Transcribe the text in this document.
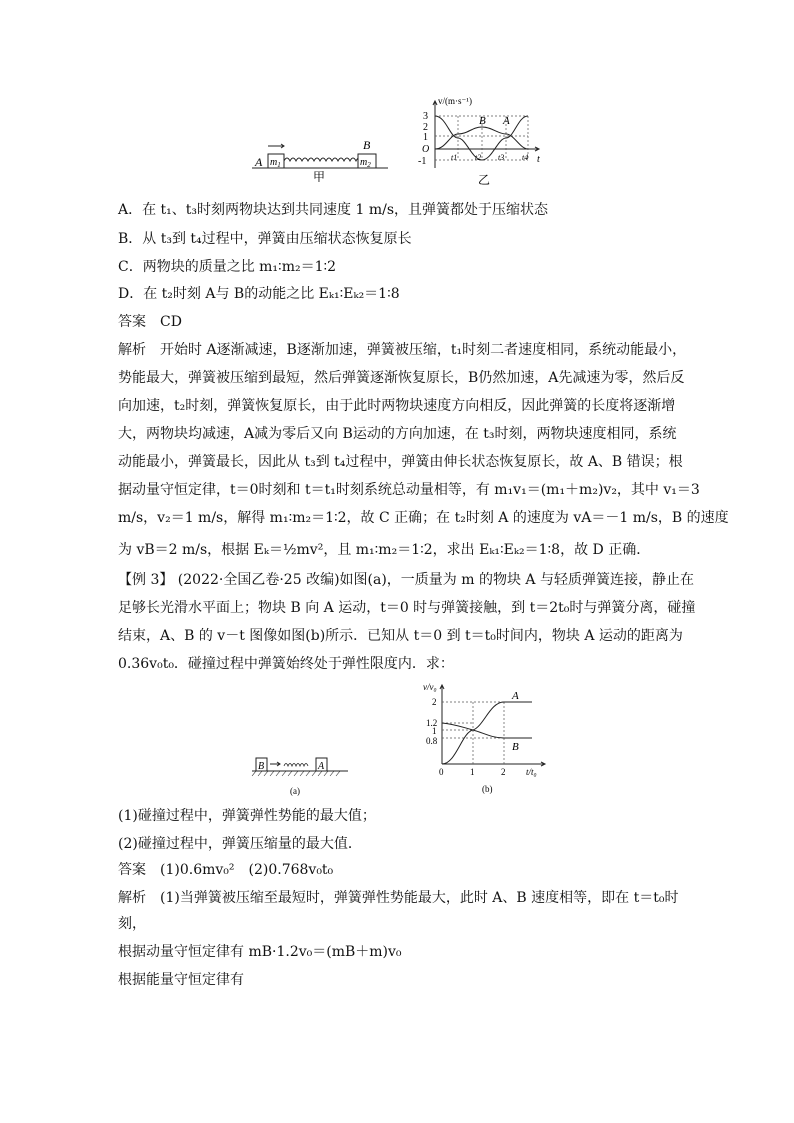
A
B
$m_1$	$m_2$
甲
v/(m·s⁻¹)
3
2
1
O
-1	t
t1 t2 t3 t4
B A
乙
A．在 t₁、t₃时刻两物块达到共同速度 1 m/s，且弹簧都处于压缩状态
B．从 t₃到 t₄过程中，弹簧由压缩状态恢复原长
C．两物块的质量之比 m₁∶m₂＝1∶2
D．在 t₂时刻 A与 B的动能之比 Eₖ₁∶Eₖ₂＝1∶8
答案　CD
解析　开始时 A逐渐减速，B逐渐加速，弹簧被压缩，t₁时刻二者速度相同，系统动能最小，
势能最大，弹簧被压缩到最短，然后弹簧逐渐恢复原长，B仍然加速，A先减速为零，然后反
向加速，t₂时刻，弹簧恢复原长，由于此时两物块速度方向相反，因此弹簧的长度将逐渐增
大，两物块均减速，A减为零后又向 B运动的方向加速，在 t₃时刻，两物块速度相同，系统
动能最小，弹簧最长，因此从 t₃到 t₄过程中，弹簧由伸长状态恢复原长，故 A、B 错误；根
据动量守恒定律，t＝0时刻和 t＝t₁时刻系统总动量相等，有 m₁v₁＝(m₁＋m₂)v₂，其中 v₁＝3
m/s，v₂＝1 m/s，解得 m₁∶m₂＝1∶2，故 C 正确；在 t₂时刻 A 的速度为 vA＝－1 m/s，B 的速度
为 vB＝2 m/s，根据 Eₖ＝½mv²，且 m₁∶m₂＝1∶2，求出 Eₖ₁∶Eₖ₂＝1∶8，故 D 正确．
【例 3】 (2022·全国乙卷·25 改编)如图(a)，一质量为 m 的物块 A 与轻质弹簧连接，静止在
足够长光滑水平面上；物块 B 向 A 运动，t＝0 时与弹簧接触，到 t＝2t₀时与弹簧分离，碰撞
结束，A、B 的 v－t 图像如图(b)所示．已知从 t＝0 到 t＝t₀时间内，物块 A 运动的距离为
0.36v₀t₀．碰撞过程中弹簧始终处于弹性限度内．求：
B	A
(a)
v/v₀
2
1.2
1
0.8
0	1	2 t/t₀
A
B
(b)
(1)碰撞过程中，弹簧弹性势能的最大值；
(2)碰撞过程中，弹簧压缩量的最大值．
答案　(1)0.6mv₀²　(2)0.768v₀t₀
解析　(1)当弹簧被压缩至最短时，弹簧弹性势能最大，此时 A、B 速度相等，即在 t＝t₀时
刻，
根据动量守恒定律有 mB·1.2v₀＝(mB＋m)v₀
根据能量守恒定律有
